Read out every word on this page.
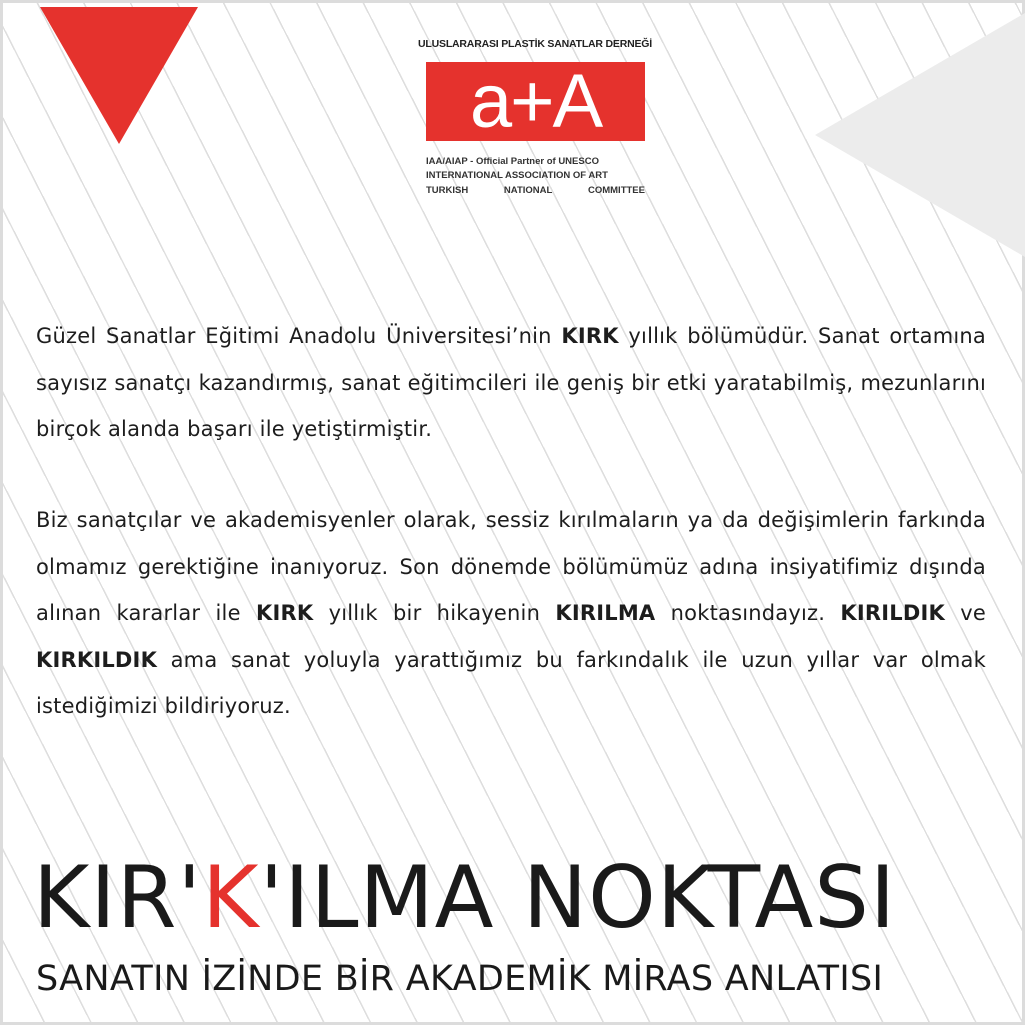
ULUSLARARASI PLASTİK SANATLAR DERNEĞİ
a+A
IAA/AIAP - Official Partner of UNESCO
INTERNATIONAL ASSOCIATION OF ART
TURKISH	NATIONAL	COMMITTEE

Güzel Sanatlar Eğitimi Anadolu Üniversitesi’nin KIRK yıllık bölümüdür. Sanat ortamına sayısız sanatçı kazandırmış, sanat eğitimcileri ile geniş bir etki yaratabilmiş, mezunlarını birçok alanda başarı ile yetiştirmiştir.

Biz sanatçılar ve akademisyenler olarak, sessiz kırılmaların ya da değişimlerin farkında olmamız gerektiğine inanıyoruz. Son dönemde bölümümüz adına insiyatifimiz dışında alınan kararlar ile KIRK yıllık bir hikayenin KIRILMA noktasındayız. KIRILDIK ve KIRKILDIK ama sanat yoluyla yarattığımız bu farkındalık ile uzun yıllar var olmak istediğimizi bildiriyoruz.

KIR'K'ILMA NOKTASI
SANATIN İZİNDE BİR AKADEMİK MİRAS ANLATISI
